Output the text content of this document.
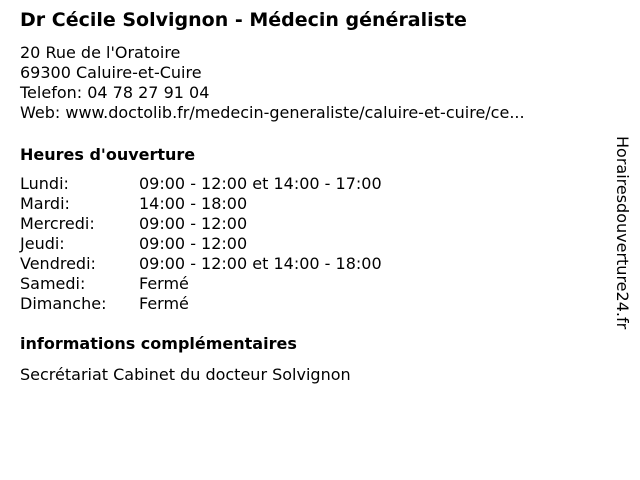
Dr Cécile Solvignon - Médecin généraliste
20 Rue de l'Oratoire
69300 Caluire-et-Cuire
Telefon: 04 78 27 91 04
Web: www.doctolib.fr/medecin-generaliste/caluire-et-cuire/ce...
Heures d'ouverture
Lundi:	09:00 - 12:00 et 14:00 - 17:00
Mardi:	14:00 - 18:00
Mercredi:	09:00 - 12:00
Jeudi:	09:00 - 12:00
Vendredi:	09:00 - 12:00 et 14:00 - 18:00
Samedi:	Fermé
Dimanche: Fermé
informations complémentaires
Secrétariat Cabinet du docteur Solvignon
Horairesdouverture24.fr
